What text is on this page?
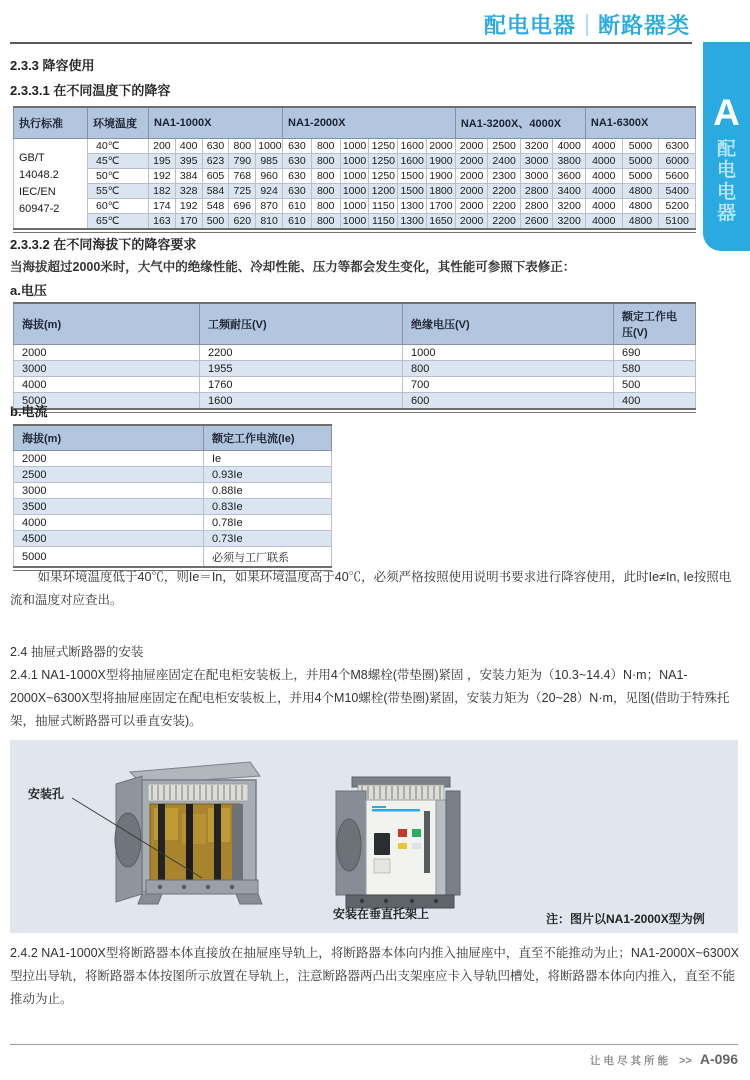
配电电器 断路器类
A
配电电器
2.3.3 降容使用
2.3.3.1 在不同温度下的降容
执行标准	环境温度	NA1-1000X					NA1-2000X						NA1-3200X、4000X				NA1-6300X		

GB/T 14048.2
IEC/EN 60947-2	40℃	200	400	630	800	1000	630	800	1000	1250	1600	2000	2000	2500	3200	4000	4000	5000	6300
	45℃	195	395	623	790	985	630	800	1000	1250	1600	1900	2000	2400	3000	3800	4000	5000	6000
	50℃	192	384	605	768	960	630	800	1000	1250	1500	1900	2000	2300	3000	3600	4000	5000	5600
	55℃	182	328	584	725	924	630	800	1000	1200	1500	1800	2000	2200	2800	3400	4000	4800	5400
	60℃	174	192	548	696	870	610	800	1000	1150	1300	1700	2000	2200	2800	3200	4000	4800	5200
	65℃	163	170	500	620	810	610	800	1000	1150	1300	1650	2000	2200	2600	3200	4000	4800	5100
2.3.3.2 在不同海拔下的降容要求
当海拔超过2000米时，大气中的绝缘性能、冷却性能、压力等都会发生变化，其性能可参照下表修正：
a.电压
海拔(m)	工频耐压(V)	绝缘电压(V)	额定工作电压(V)
2000	2200	1000	690
3000	1955	800	580
4000	1760	700	500
5000	1600	600	400
b.电流
海拔(m)	额定工作电流(Ie)
2000	Ie
2500	0.93Ie
3000	0.88Ie
3500	0.83Ie
4000	0.78Ie
4500	0.73Ie
5000	必须与工厂联系
如果环境温度低于40℃，则Ie＝In，如果环境温度高于40℃，必须严格按照使用说明书要求进行降容使用，此时Ie≠In, Ie按照电流和温度对应查出。
2.4 抽屉式断路器的安装
2.4.1 NA1-1000X型将抽屉座固定在配电柜安装板上，并用4个M8螺栓(带垫圈)紧固 ，安装力矩为（10.3~14.4）N·m；NA1-2000X~6300X型将抽屉座固定在配电柜安装板上，并用4个M10螺栓(带垫圈)紧固，安装力矩为（20~28）N·m，见图(借助于特殊托架，抽屉式断路器可以垂直安装)。
安装孔
安装在垂直托架上	注：图片以NA1-2000X型为例
2.4.2 NA1-1000X型将断路器本体直接放在抽屉座导轨上，将断路器本体向内推入抽屉座中，直至不能推动为止；NA1-2000X~6300X型拉出导轨，将断路器本体按图所示放置在导轨上，注意断路器两凸出支架座应卡入导轨凹槽处，将断路器本体向内推入，直至不能推动为止。
让电尽其所能 >> A-096
